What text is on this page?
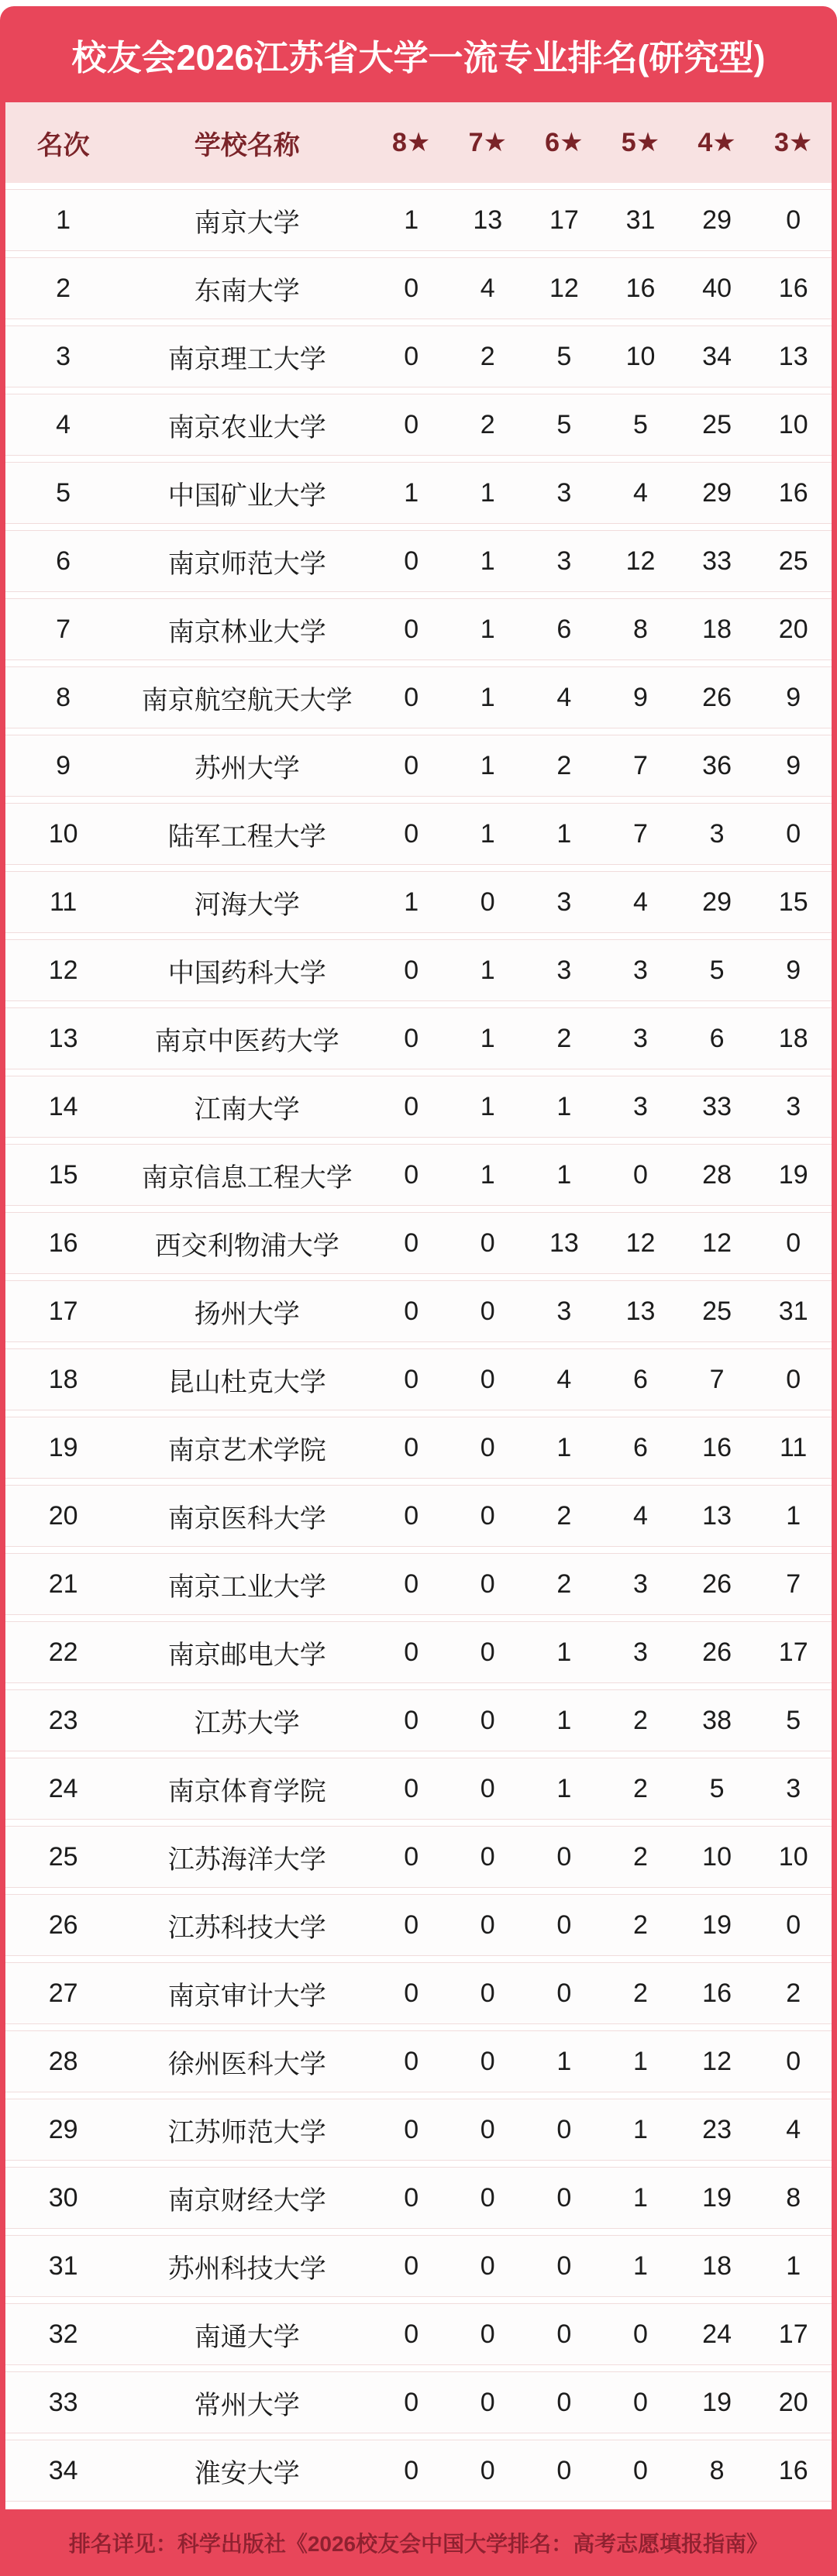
校友会2026江苏省大学一流专业排名(研究型)
名次	学校名称	8★	7★	6★	5★	4★	3★
1	南京大学	1	13	17	31	29	0
2	东南大学	0	4	12	16	40	16
3	南京理工大学	0	2	5	10	34	13
4	南京农业大学	0	2	5	5	25	10
5	中国矿业大学	1	1	3	4	29	16
6	南京师范大学	0	1	3	12	33	25
7	南京林业大学	0	1	6	8	18	20
8	南京航空航天大学	0	1	4	9	26	9
9	苏州大学	0	1	2	7	36	9
10	陆军工程大学	0	1	1	7	3	0
11	河海大学	1	0	3	4	29	15
12	中国药科大学	0	1	3	3	5	9
13	南京中医药大学	0	1	2	3	6	18
14	江南大学	0	1	1	3	33	3
15	南京信息工程大学	0	1	1	0	28	19
16	西交利物浦大学	0	0	13	12	12	0
17	扬州大学	0	0	3	13	25	31
18	昆山杜克大学	0	0	4	6	7	0
19	南京艺术学院	0	0	1	6	16	11
20	南京医科大学	0	0	2	4	13	1
21	南京工业大学	0	0	2	3	26	7
22	南京邮电大学	0	0	1	3	26	17
23	江苏大学	0	0	1	2	38	5
24	南京体育学院	0	0	1	2	5	3
25	江苏海洋大学	0	0	0	2	10	10
26	江苏科技大学	0	0	0	2	19	0
27	南京审计大学	0	0	0	2	16	2
28	徐州医科大学	0	0	1	1	12	0
29	江苏师范大学	0	0	0	1	23	4
30	南京财经大学	0	0	0	1	19	8
31	苏州科技大学	0	0	0	1	18	1
32	南通大学	0	0	0	0	24	17
33	常州大学	0	0	0	0	19	20
34	淮安大学	0	0	0	0	8	16
排名详见：科学出版社《2026校友会中国大学排名：高考志愿填报指南》
